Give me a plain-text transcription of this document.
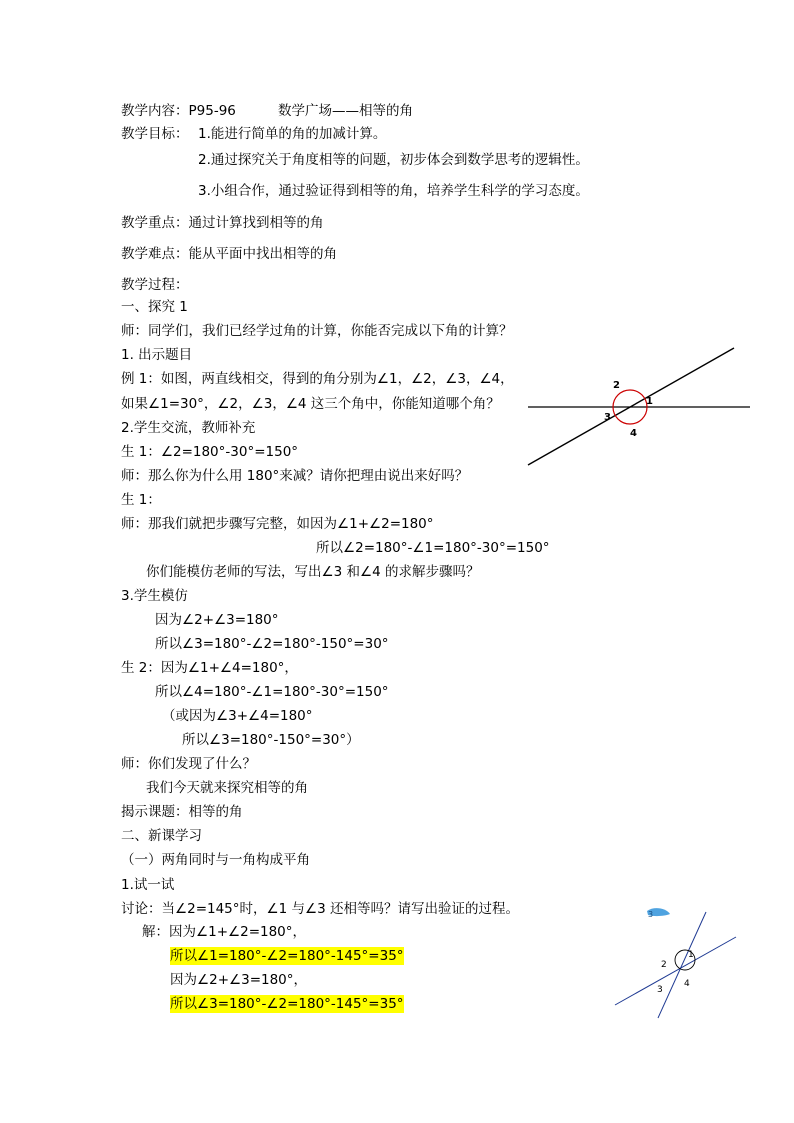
教学内容：P95-96	数学广场——相等的角
教学目标： 1.能进行简单的角的加减计算。
2.通过探究关于角度相等的问题，初步体会到数学思考的逻辑性。
3.小组合作，通过验证得到相等的角，培养学生科学的学习态度。
教学重点：通过计算找到相等的角
教学难点：能从平面中找出相等的角
教学过程：
一、探究 1
师：同学们，我们已经学过角的计算，你能否完成以下角的计算？
1. 出示题目
例 1：如图，两直线相交，得到的角分别为∠1，∠2，∠3，∠4，
如果∠1=30°，∠2，∠3，∠4 这三个角中，你能知道哪个角？
2.学生交流，教师补充
生 1：∠2=180°-30°=150°
师：那么你为什么用 180°来减？请你把理由说出来好吗？
生 1：
师：那我们就把步骤写完整，如因为∠1+∠2=180°
所以∠2=180°-∠1=180°-30°=150°
你们能模仿老师的写法，写出∠3 和∠4 的求解步骤吗？
3.学生模仿
因为∠2+∠3=180°
所以∠3=180°-∠2=180°-150°=30°
生 2：因为∠1+∠4=180°，
所以∠4=180°-∠1=180°-30°=150°
（或因为∠3+∠4=180°
所以∠3=180°-150°=30°）
师：你们发现了什么？
我们今天就来探究相等的角
揭示课题：相等的角
二、新课学习
（一）两角同时与一角构成平角
1.试一试
讨论：当∠2=145°时，∠1 与∠3 还相等吗？请写出验证的过程。
解：因为∠1+∠2=180°，
所以∠1=180°-∠2=180°-145°=35°
因为∠2+∠3=180°，
所以∠3=180°-∠2=180°-145°=35°
1
2
3
4
3
1
2
3
4
